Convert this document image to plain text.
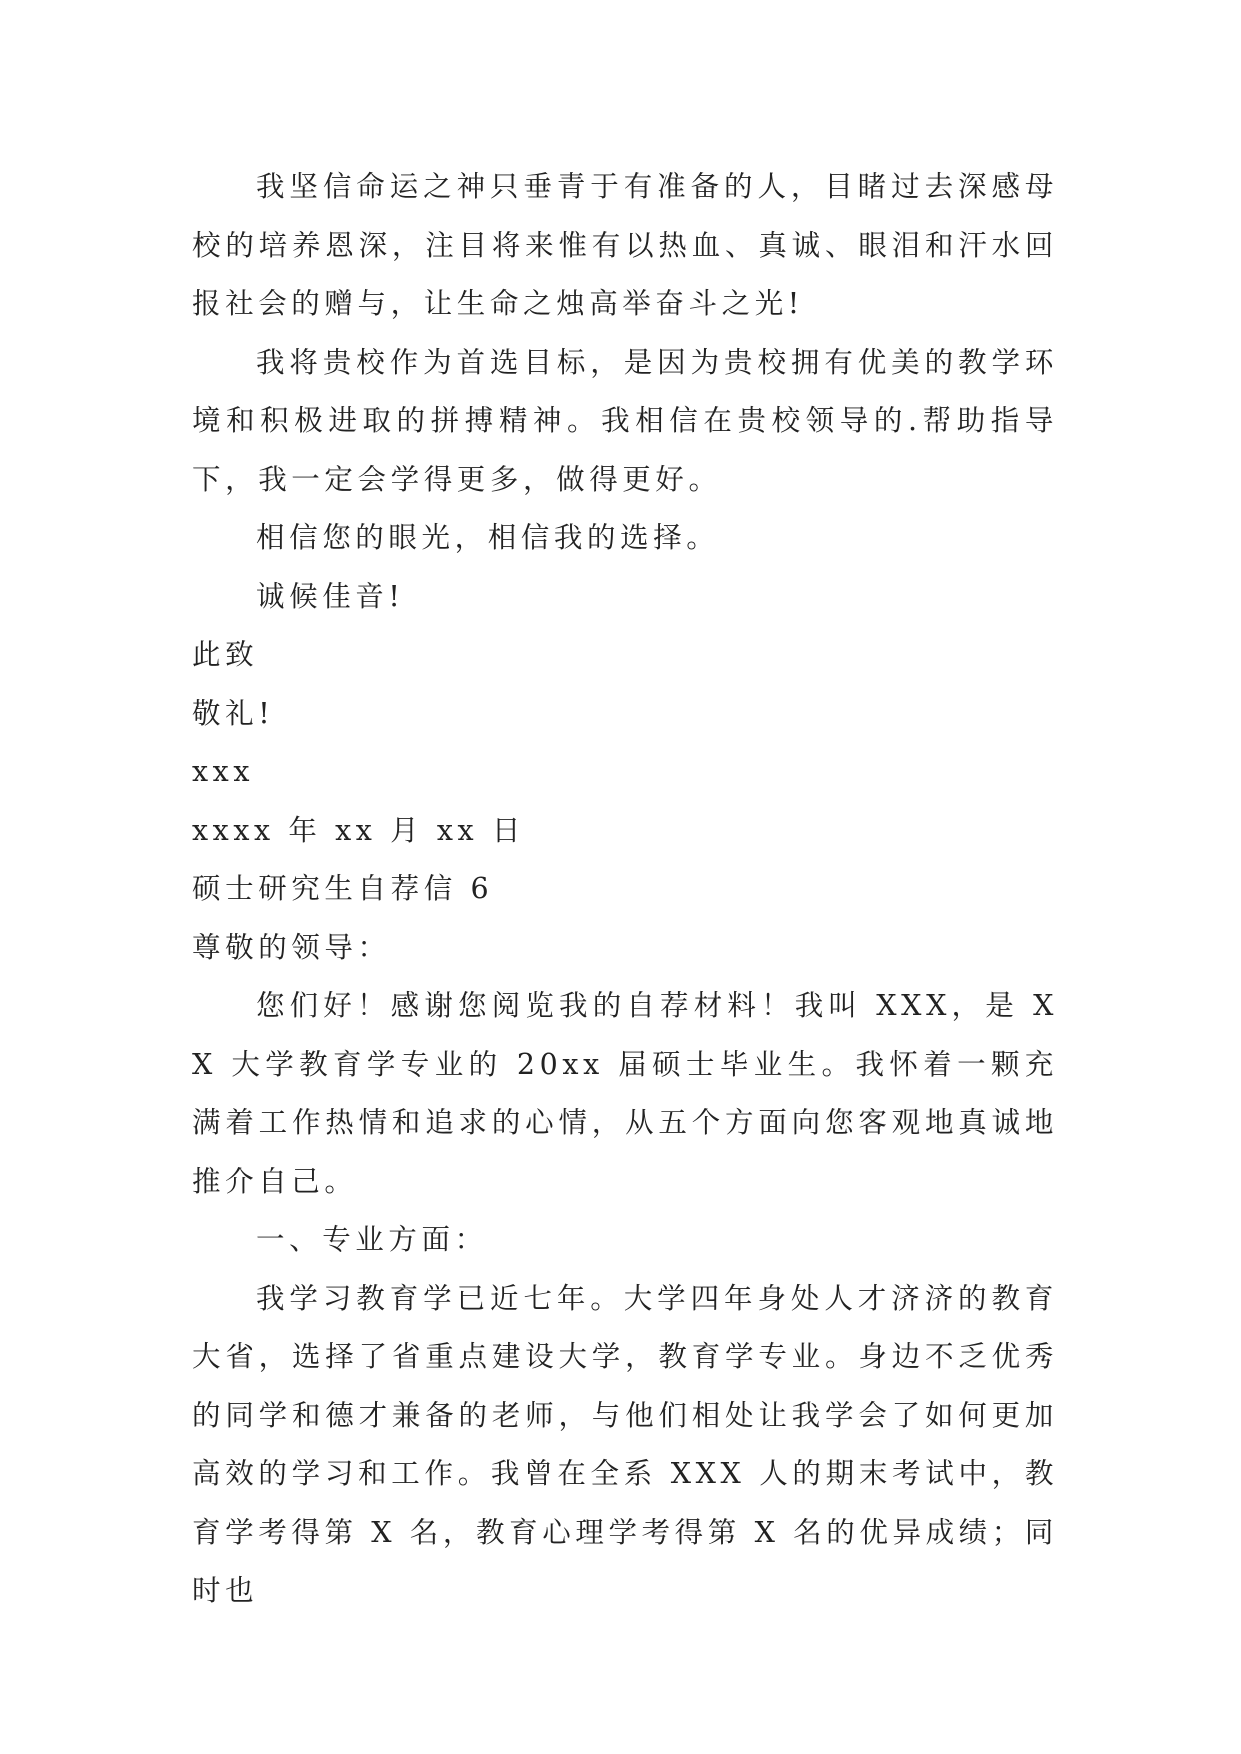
我坚信命运之神只垂青于有准备的人，目睹过去深感母校的培养恩深，注目将来惟有以热血、真诚、眼泪和汗水回报社会的赠与，让生命之烛高举奋斗之光!

我将贵校作为首选目标，是因为贵校拥有优美的教学环境和积极进取的拼搏精神。我相信在贵校领导的.帮助指导下，我一定会学得更多，做得更好。

相信您的眼光，相信我的选择。

诚候佳音!

此致

敬礼!

xxx

xxxx 年 xx 月 xx 日

硕士研究生自荐信 6

尊敬的领导：

您们好！感谢您阅览我的自荐材料！我叫 XXX，是 XX 大学教育学专业的 20xx 届硕士毕业生。我怀着一颗充满着工作热情和追求的心情，从五个方面向您客观地真诚地推介自己。

一、专业方面：

我学习教育学已近七年。大学四年身处人才济济的教育大省，选择了省重点建设大学，教育学专业。身边不乏优秀的同学和德才兼备的老师，与他们相处让我学会了如何更加高效的学习和工作。我曾在全系 XXX 人的期末考试中，教育学考得第 X 名，教育心理学考得第 X 名的优异成绩；同时也
